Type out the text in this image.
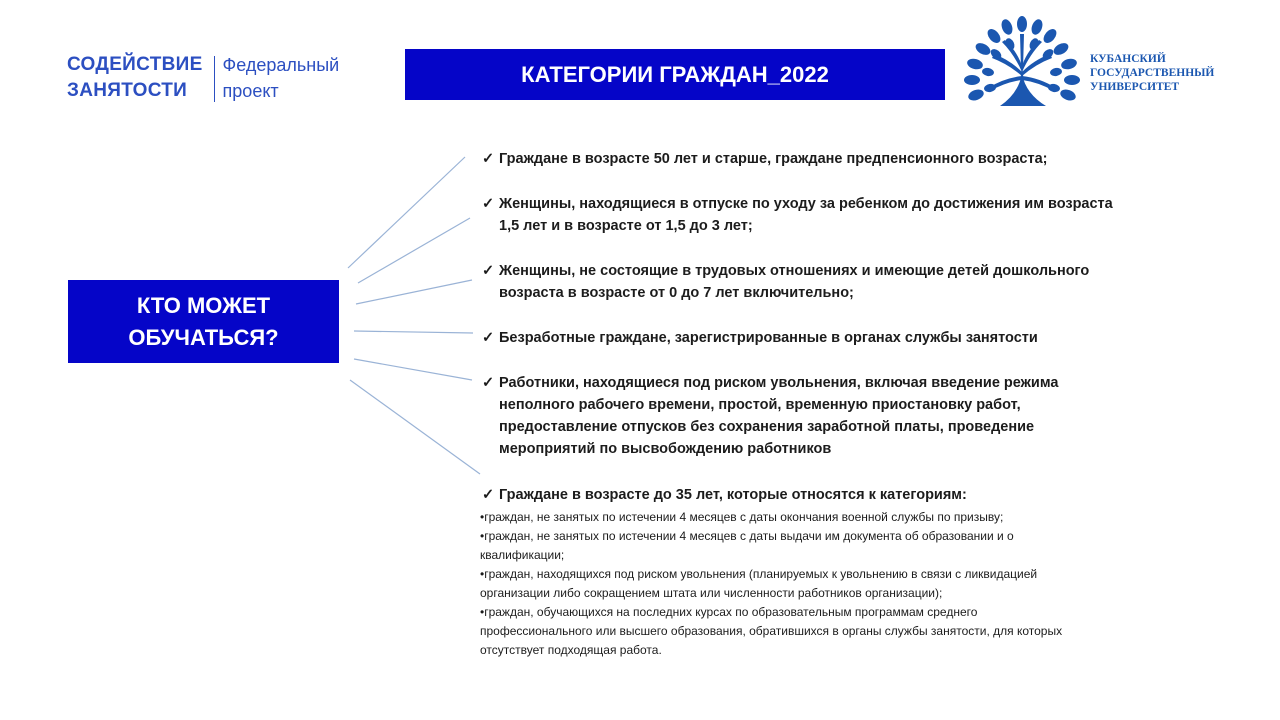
СОДЕЙСТВИЕ
ЗАНЯТОСТИ
Федеральный
проект
КАТЕГОРИИ ГРАЖДАН_2022
КУБАНСКИЙ
ГОСУДАРСТВЕННЫЙ
УНИВЕРСИТЕТ
КТО МОЖЕТ
ОБУЧАТЬСЯ?
✓ Граждане в возрасте 50 лет и старше, граждане предпенсионного возраста;
✓ Женщины, находящиеся в отпуске по уходу за ребенком до достижения им возраста
1,5 лет и в возрасте от 1,5 до 3 лет;
✓ Женщины, не состоящие в трудовых отношениях и имеющие детей дошкольного
возраста в возрасте от 0 до 7 лет включительно;
✓ Безработные граждане, зарегистрированные в органах службы занятости
✓ Работники, находящиеся под риском увольнения, включая введение режима
неполного рабочего времени, простой, временную приостановку работ,
предоставление отпусков без сохранения заработной платы, проведение
мероприятий по высвобождению работников
✓ Граждане в возрасте до 35 лет, которые относятся к категориям:
•граждан, не занятых по истечении 4 месяцев с даты окончания военной службы по призыву;
•граждан, не занятых по истечении 4 месяцев с даты выдачи им документа об образовании и о
квалификации;
•граждан, находящихся под риском увольнения (планируемых к увольнению в связи с ликвидацией
организации либо сокращением штата или численности работников организации);
•граждан, обучающихся на последних курсах по образовательным программам среднего
профессионального или высшего образования, обратившихся в органы службы занятости, для которых
отсутствует подходящая работа.
